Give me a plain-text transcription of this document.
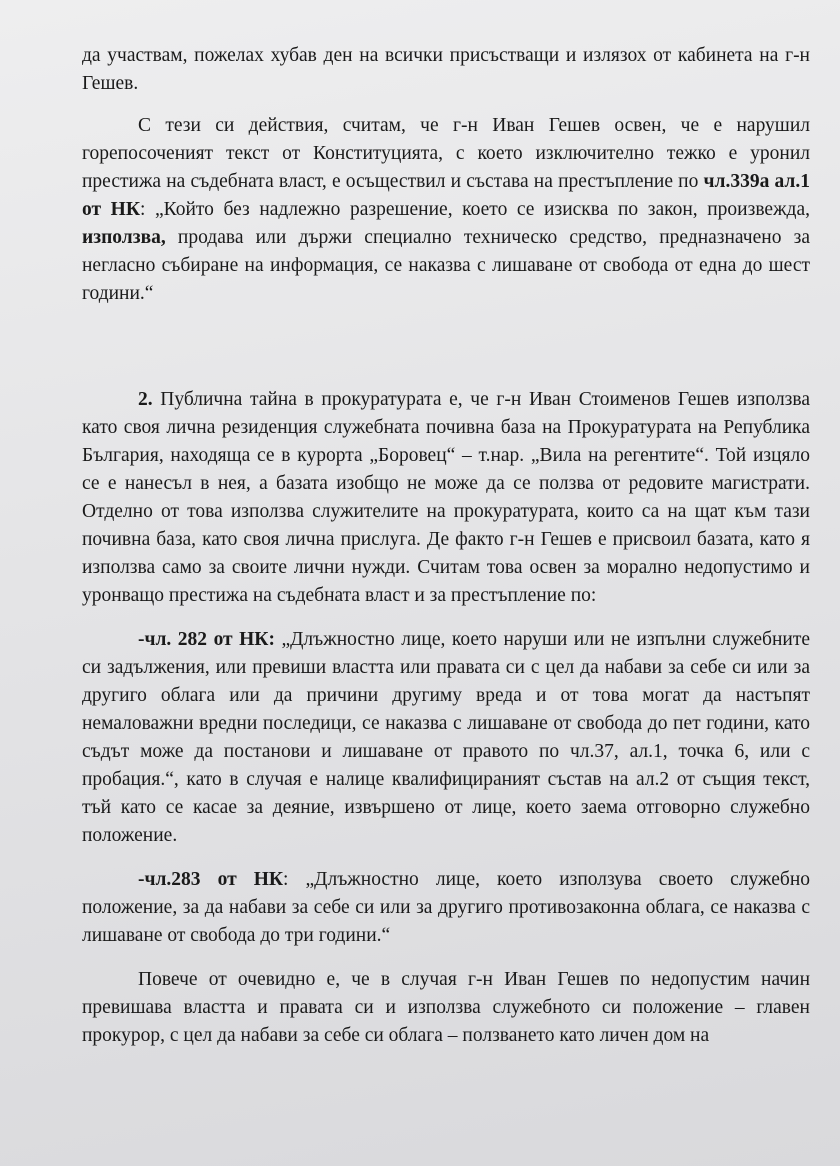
да участвам, пожелах хубав ден на всички присъстващи и излязох от кабинета на г-н Гешев.

С тези си действия, считам, че г-н Иван Гешев освен, че е нарушил горепосоченият текст от Конституцията, с което изключително тежко е уронил престижа на съдебната власт, е осъществил и състава на престъпление по чл.339а ал.1 от НК: „Който без надлежно разрешение, което се изисква по закон, произвежда, използва, продава или държи специално техническо средство, предназначено за негласно събиране на информация, се наказва с лишаване от свобода от една до шест години.“

2. Публична тайна в прокуратурата е, че г-н Иван Стоименов Гешев използва като своя лична резиденция служебната почивна база на Прокуратурата на Република България, находяща се в курорта „Боровец“ – т.нар. „Вила на регентите“. Той изцяло се е нанесъл в нея, а базата изобщо не може да се ползва от редовите магистрати. Отделно от това използва служителите на прокуратурата, които са на щат към тази почивна база, като своя лична прислуга. Де факто г-н Гешев е присвоил базата, като я използва само за своите лични нужди. Считам това освен за морално недопустимо и уронващо престижа на съдебната власт и за престъпление по:

-чл. 282 от НК: „Длъжностно лице, което наруши или не изпълни служебните си задължения, или превиши властта или правата си с цел да набави за себе си или за другиго облага или да причини другиму вреда и от това могат да настъпят немаловажни вредни последици, се наказва с лишаване от свобода до пет години, като съдът може да постанови и лишаване от правото по чл.37, ал.1, точка 6, или с пробация.“, като в случая е налице квалифицираният състав на ал.2 от същия текст, тъй като се касае за деяние, извършено от лице, което заема отговорно служебно положение.

-чл.283 от НК: „Длъжностно лице, което използува своето служебно положение, за да набави за себе си или за другиго противозаконна облага, се наказва с лишаване от свобода до три години.“

Повече от очевидно е, че в случая г-н Иван Гешев по недопустим начин превишава властта и правата си и използва служебното си положение – главен прокурор, с цел да набави за себе си облага – ползването като личен дом на
